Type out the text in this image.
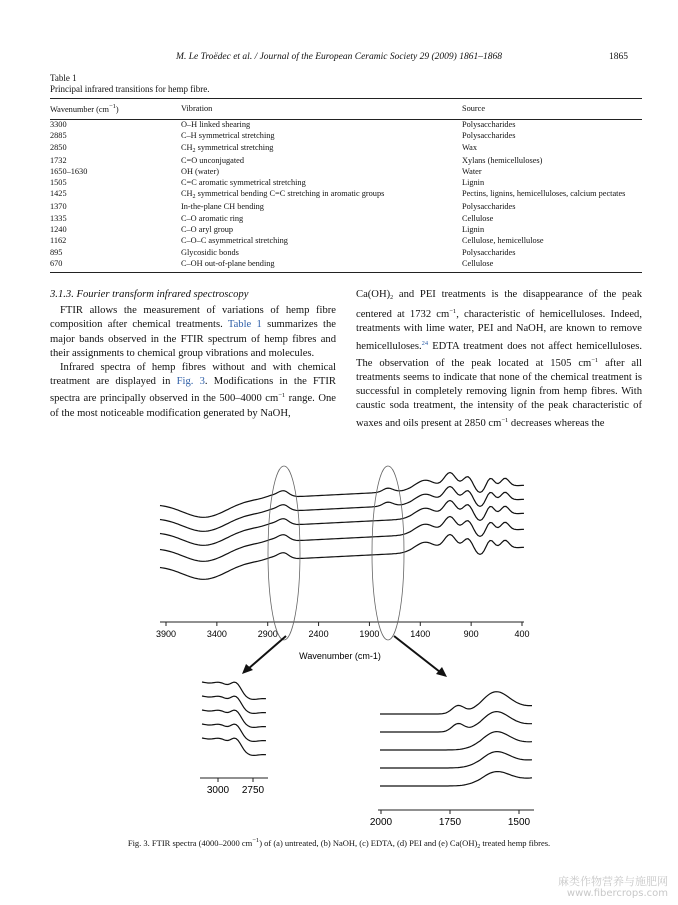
M. Le Troëdec et al. / Journal of the European Ceramic Society 29 (2009) 1861–1868	1865
Table 1
Principal infrared transitions for hemp fibre.
Wavenumber $(cm^{-1})$	Vibration	Source
3300	O–H linked shearing	Polysaccharides
2885	C–H symmetrical stretching	Polysaccharides
2850	$CH_2$ symmetrical stretching	Wax
1732	C=O unconjugated	Xylans (hemicelluloses)
1650–1630	OH (water)	Water
1505	C=C aromatic symmetrical stretching	Lignin
1425	$CH_2$ symmetrical bending C=C stretching in aromatic groups	Pectins, lignins, hemicelluloses, calcium pectates
1370	In-the-plane CH bending	Polysaccharides
1335	C–O aromatic ring	Cellulose
1240	C–O aryl group	Lignin
1162	C–O–C asymmetrical stretching	Cellulose, hemicellulose
895	Glycosidic bonds	Polysaccharides
670	C–OH out-of-plane bending	Cellulose

3.1.3. Fourier transform infrared spectroscopy

FTIR allows the measurement of variations of hemp fibre composition after chemical treatments. Table 1 summarizes the major bands observed in the FTIR spectrum of hemp fibres and their assignments to chemical group vibrations and molecules.

Infrared spectra of hemp fibres without and with chemical treatment are displayed in Fig. 3. Modifications in the FTIR spectra are principally observed in the 500–4000 $cm^{-1}$ range. One of the most noticeable modification generated by NaOH,

$Ca(OH)_2$ and PEI treatments is the disappearance of the peak centered at 1732 $cm^{-1}$, characteristic of hemicelluloses. Indeed, treatments with lime water, PEI and NaOH, are known to remove hemicelluloses.$^{24}$ EDTA treatment does not affect hemicelluloses. The observation of the peak located at 1505 $cm^{-1}$ after all treatments seems to indicate that none of the chemical treatment is successful in completely removing lignin from hemp fibres. With caustic soda treatment, the intensity of the peak characteristic of waxes and oils present at 2850 $cm^{-1}$ decreases whereas the

3900	3400	2900	2400	1900	1400	900	400
Wavenumber (cm-1)
3000 2750
2000	1750	1500
Fig. 3. FTIR spectra (4000–2000 $cm^{-1}$) of (a) untreated, (b) NaOH, (c) EDTA, (d) PEI and (e) $Ca(OH)_2$ treated hemp fibres.
麻类作物营养与施肥网
www.fibercrops.com
